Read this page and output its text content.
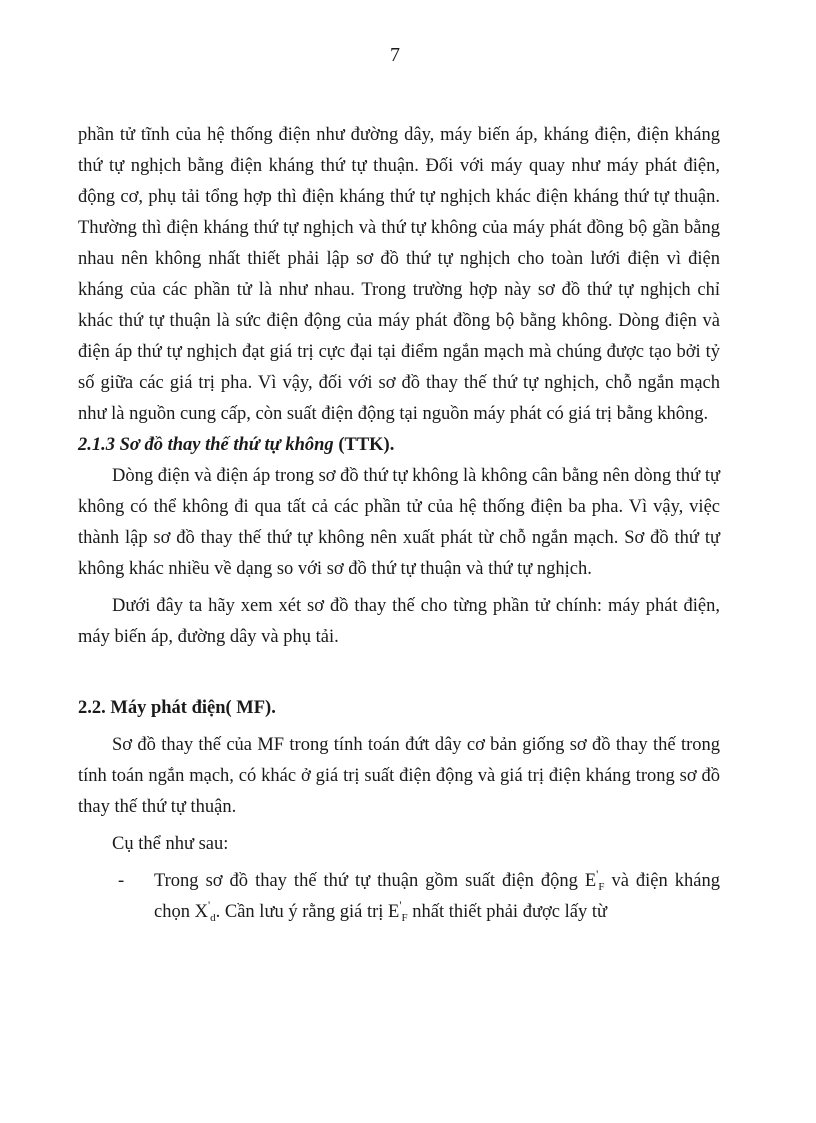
7

phần tử tĩnh của hệ thống điện như đường dây, máy biến áp, kháng điện, điện kháng thứ tự nghịch bằng điện kháng thứ tự thuận. Đối với máy quay như máy phát điện, động cơ, phụ tải tổng hợp thì điện kháng thứ tự nghịch khác điện kháng thứ tự thuận. Thường thì điện kháng thứ tự nghịch và thứ tự không của máy phát đồng bộ gần bằng nhau nên không nhất thiết phải lập sơ đồ thứ tự nghịch cho toàn lưới điện vì điện kháng của các phần tử là như nhau. Trong trường hợp này sơ đồ thứ tự nghịch chỉ khác thứ tự thuận là sức điện động của máy phát đồng bộ bằng không. Dòng điện và điện áp thứ tự nghịch đạt giá trị cực đại tại điểm ngắn mạch mà chúng được tạo bởi tỷ số giữa các giá trị pha. Vì vậy, đối với sơ đồ thay thế thứ tự nghịch, chỗ ngắn mạch như là nguồn cung cấp, còn suất điện động tại nguồn máy phát có giá trị bằng không.

2.1.3 Sơ đồ thay thế thứ tự không (TTK).

Dòng điện và điện áp trong sơ đồ thứ tự không là không cân bằng nên dòng thứ tự không có thể không đi qua tất cả các phần tử của hệ thống điện ba pha. Vì vậy, việc thành lập sơ đồ thay thế thứ tự không nên xuất phát từ chỗ ngắn mạch. Sơ đồ thứ tự không khác nhiều về dạng so với sơ đồ thứ tự thuận và thứ tự nghịch.

Dưới đây ta hãy xem xét sơ đồ thay thế cho từng phần tử chính: máy phát điện, máy biến áp, đường dây và phụ tải.

2.2. Máy phát điện( MF).

Sơ đồ thay thế của MF trong tính toán đứt dây cơ bản giống sơ đồ thay thế trong tính toán ngắn mạch, có khác ở giá trị suất điện động và giá trị điện kháng trong sơ đồ thay thế thứ tự thuận.

Cụ thể như sau:

-	Trong sơ đồ thay thế thứ tự thuận gồm suất điện động $E'_F$ và điện kháng chọn $X'_d$. Cần lưu ý rằng giá trị $E'_F$ nhất thiết phải được lấy từ
